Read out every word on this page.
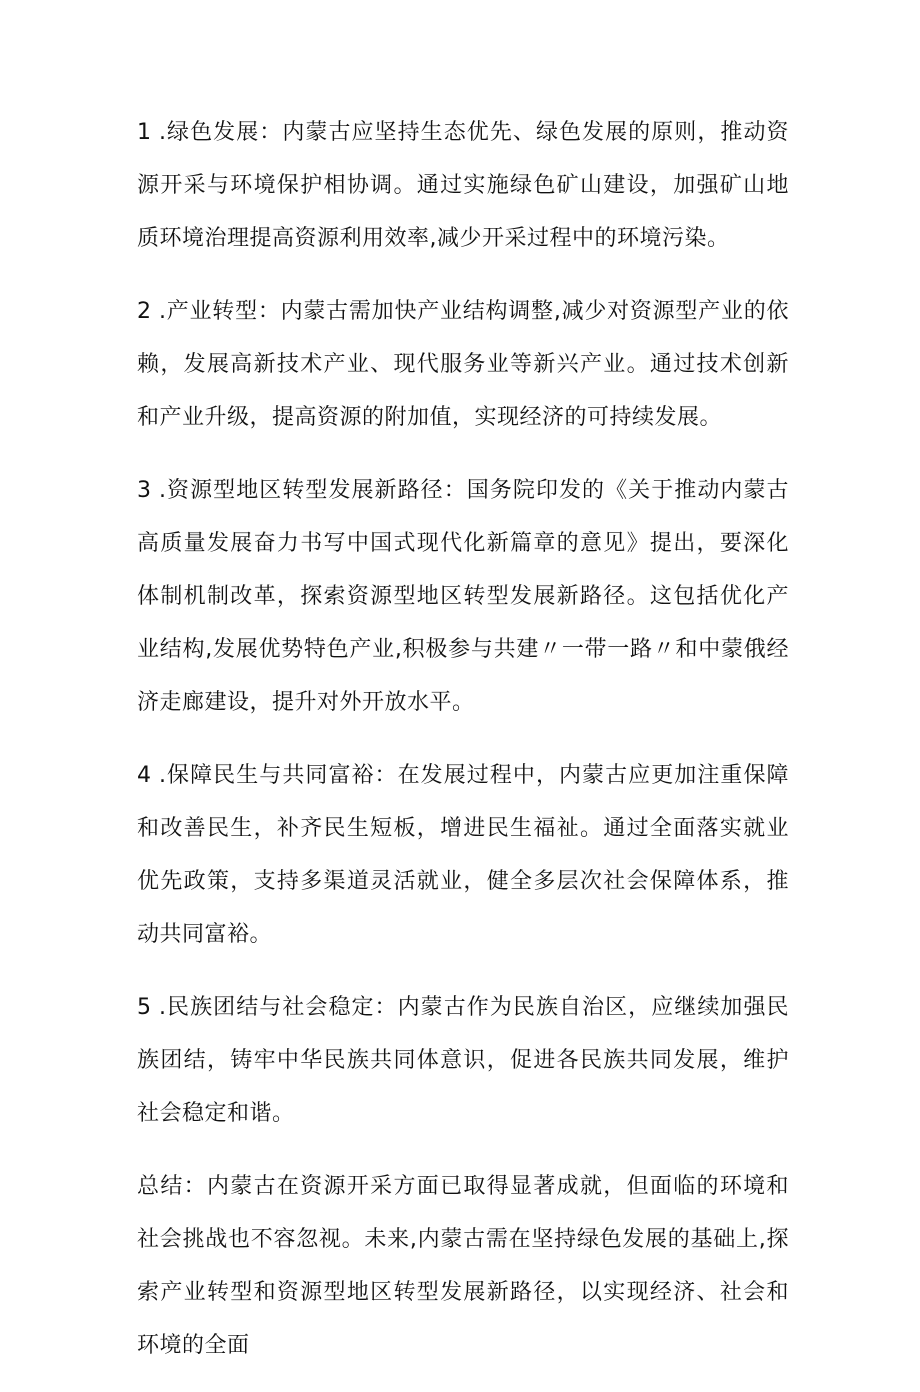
1 .绿色发展：内蒙古应坚持生态优先、绿色发展的原则，推动资源开采与环境保护相协调。通过实施绿色矿山建设，加强矿山地质环境治理提高资源利用效率,减少开采过程中的环境污染。

2 .产业转型：内蒙古需加快产业结构调整,减少对资源型产业的依赖，发展高新技术产业、现代服务业等新兴产业。通过技术创新和产业升级，提高资源的附加值，实现经济的可持续发展。

3 .资源型地区转型发展新路径：国务院印发的《关于推动内蒙古高质量发展奋力书写中国式现代化新篇章的意见》提出，要深化体制机制改革，探索资源型地区转型发展新路径。这包括优化产业结构,发展优势特色产业,积极参与共建〃一带一路〃和中蒙俄经济走廊建设，提升对外开放水平。

4 .保障民生与共同富裕：在发展过程中，内蒙古应更加注重保障和改善民生，补齐民生短板，增进民生福祉。通过全面落实就业优先政策，支持多渠道灵活就业，健全多层次社会保障体系，推动共同富裕。

5 .民族团结与社会稳定：内蒙古作为民族自治区，应继续加强民族团结，铸牢中华民族共同体意识，促进各民族共同发展，维护社会稳定和谐。

总结：内蒙古在资源开采方面已取得显著成就，但面临的环境和社会挑战也不容忽视。未来,内蒙古需在坚持绿色发展的基础上,探索产业转型和资源型地区转型发展新路径，以实现经济、社会和环境的全面
